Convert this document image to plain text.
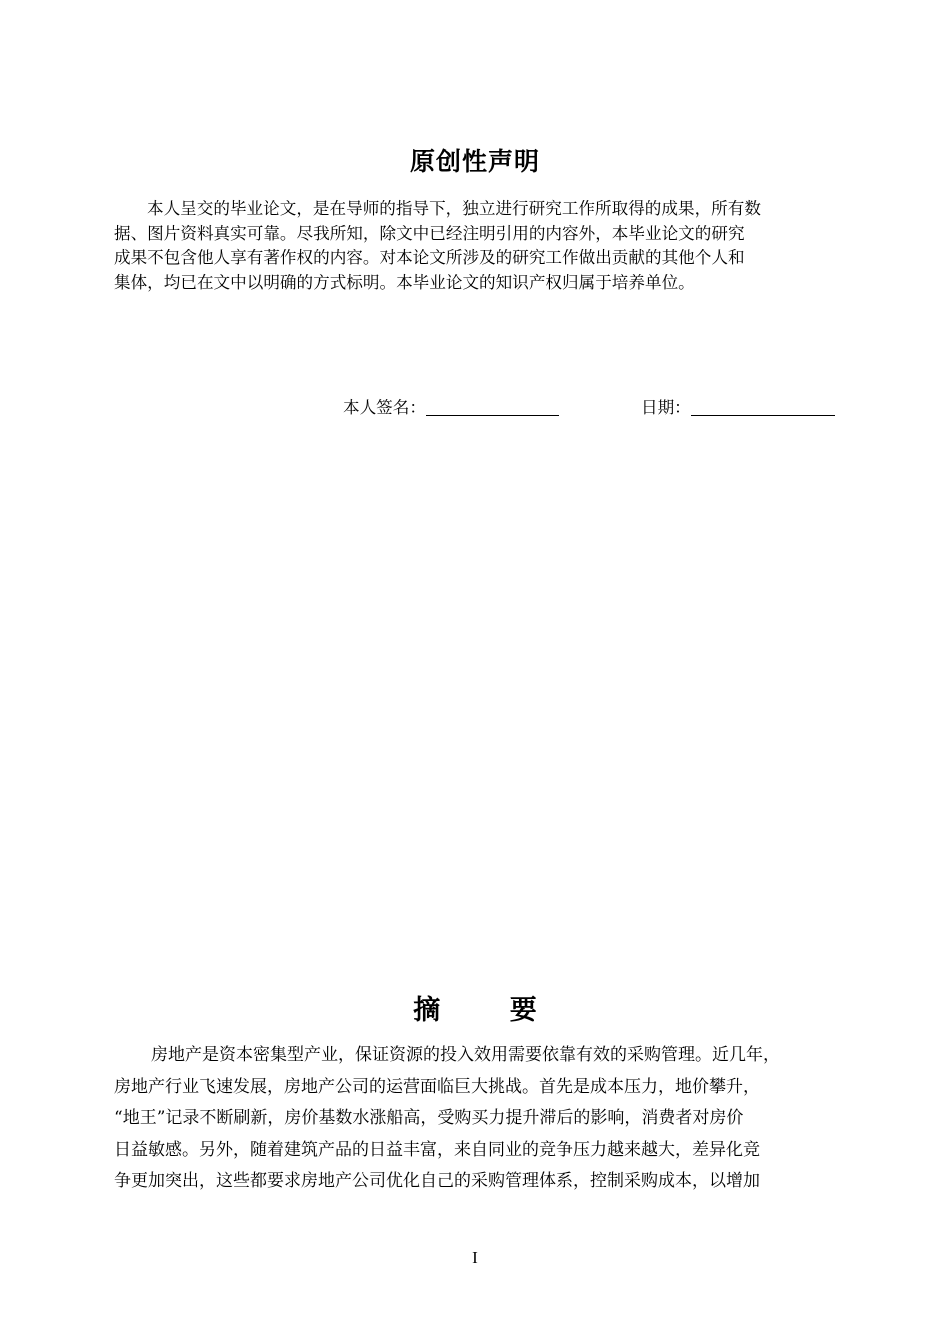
原创性声明
本人呈交的毕业论文，是在导师的指导下，独立进行研究工作所取得的成果，所有数
据、图片资料真实可靠。尽我所知，除文中已经注明引用的内容外，本毕业论文的研究
成果不包含他人享有著作权的内容。对本论文所涉及的研究工作做出贡献的其他个人和
集体，均已在文中以明确的方式标明。本毕业论文的知识产权归属于培养单位。
本人签名：	日期：
摘 要
房地产是资本密集型产业，保证资源的投入效用需要依靠有效的采购管理。近几年，
房地产行业飞速发展，房地产公司的运营面临巨大挑战。首先是成本压力，地价攀升，
“地王”记录不断刷新，房价基数水涨船高，受购买力提升滞后的影响，消费者对房价
日益敏感。另外，随着建筑产品的日益丰富，来自同业的竞争压力越来越大，差异化竞
争更加突出，这些都要求房地产公司优化自己的采购管理体系，控制采购成本，以增加
I
